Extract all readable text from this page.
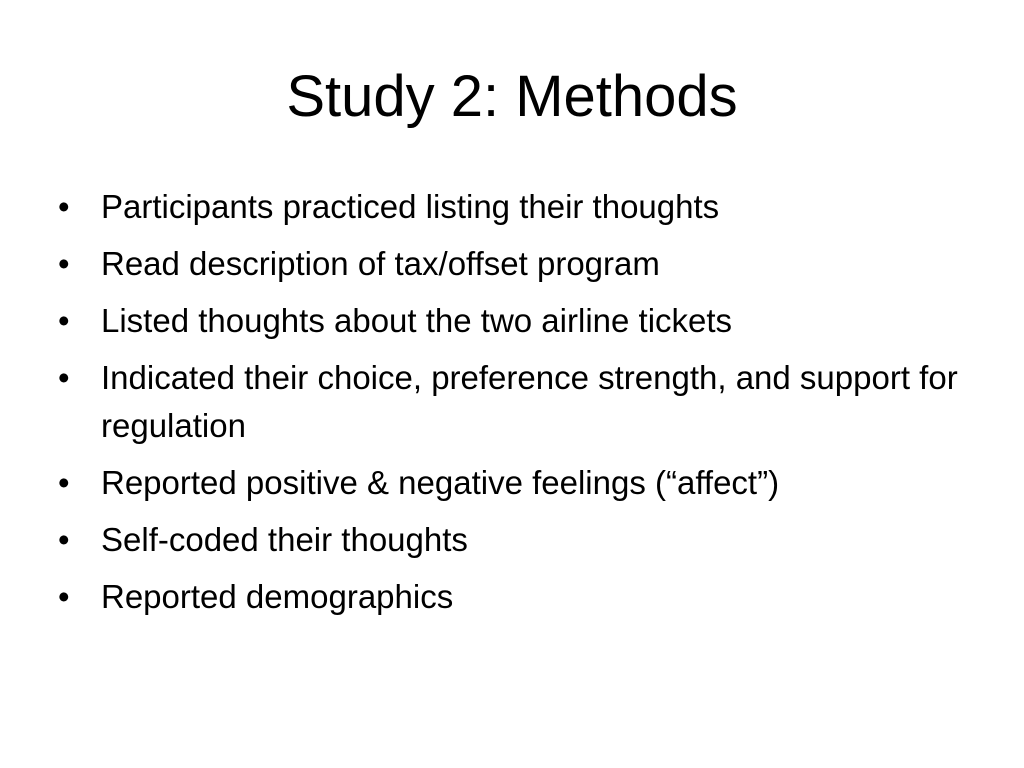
Study 2: Methods
• Participants practiced listing their thoughts
• Read description of tax/offset program
• Listed thoughts about the two airline tickets
• Indicated their choice, preference strength, and support for regulation
• Reported positive & negative feelings (“affect”)
• Self-coded their thoughts
• Reported demographics
